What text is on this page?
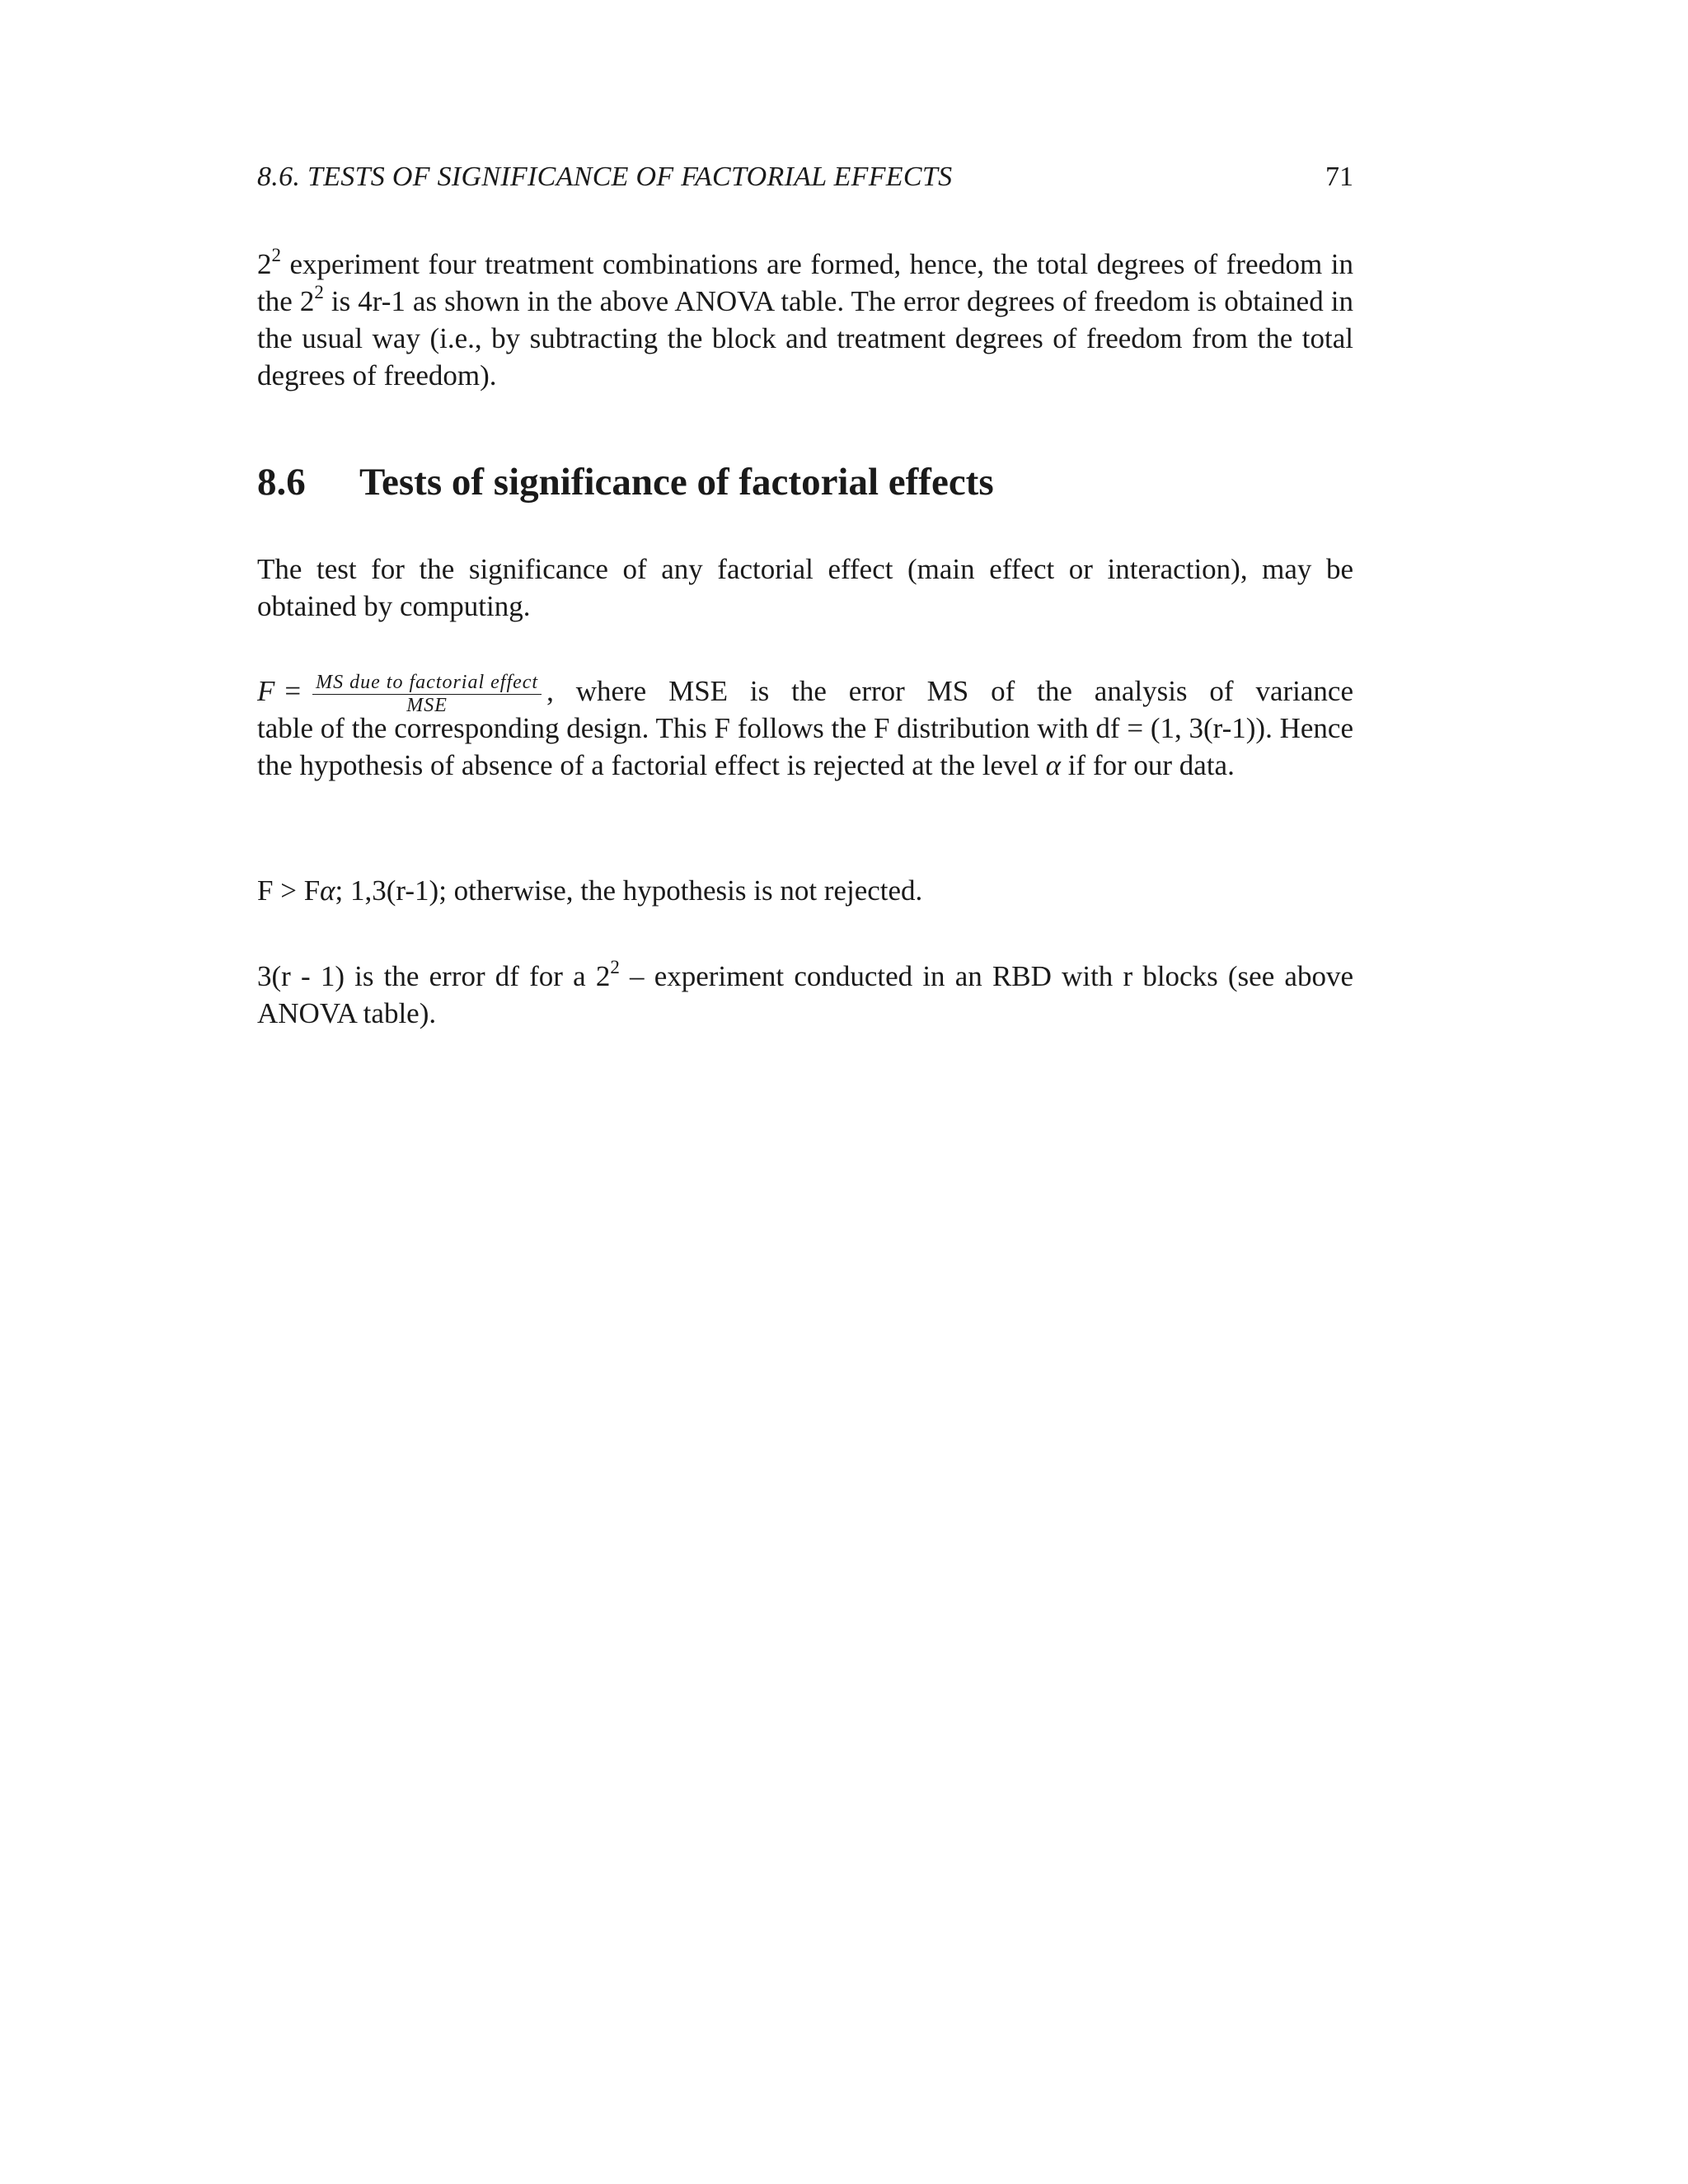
8.6. TESTS OF SIGNIFICANCE OF FACTORIAL EFFECTS	71

$2^2$ experiment four treatment combinations are formed, hence, the total degrees of freedom in the $2^2$ is 4r-1 as shown in the above ANOVA table. The error degrees of freedom is obtained in the usual way (i.e., by subtracting the block and treatment degrees of freedom from the total degrees of freedom).

8.6	Tests of significance of factorial effects

The test for the significance of any factorial effect (main effect or interaction), may be obtained by computing.

$F = \frac{\text{MS due to factorial effect}}{\text{MSE}}$ , where MSE is the error MS of the analysis of variance

table of the corresponding design. This F follows the F distribution with df = (1, 3(r-1)). Hence the hypothesis of absence of a factorial effect is rejected at the level α if for our data.

F > Fα; 1,3(r-1); otherwise, the hypothesis is not rejected.

3(r - 1) is the error df for a $2^2$ – experiment conducted in an RBD with r blocks (see above ANOVA table).
